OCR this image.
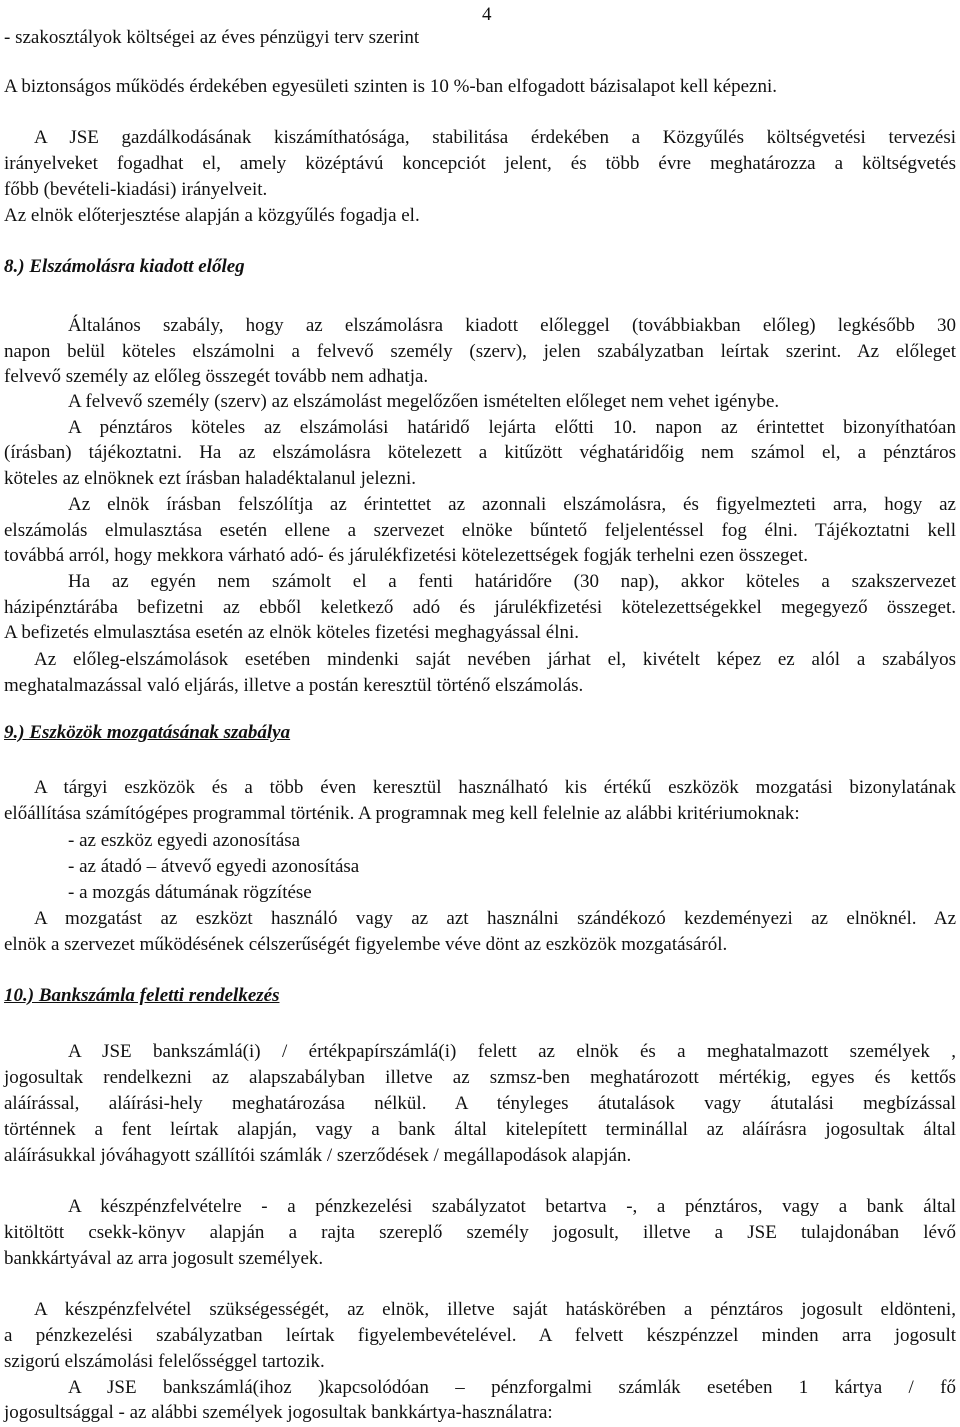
4
- szakosztályok költségei az éves pénzügyi terv szerint
A biztonságos működés érdekében egyesületi szinten is 10 %-ban elfogadott bázisalapot kell képezni.
A JSE gazdálkodásának kiszámíthatósága, stabilitása érdekében a Közgyűlés költségvetési tervezési
irányelveket fogadhat el, amely középtávú koncepciót jelent, és több évre meghatározza a költségvetés
főbb (bevételi-kiadási) irányelveit.
Az elnök előterjesztése alapján a közgyűlés fogadja el.
8.) Elszámolásra kiadott előleg
Általános szabály, hogy az elszámolásra kiadott előleggel (továbbiakban előleg) legkésőbb 30
napon belül köteles elszámolni a felvevő személy (szerv), jelen szabályzatban leírtak szerint. Az előleget
felvevő személy az előleg összegét tovább nem adhatja.
A felvevő személy (szerv) az elszámolást megelőzően ismételten előleget nem vehet igénybe.
A pénztáros köteles az elszámolási határidő lejárta előtti 10. napon az érintettet bizonyíthatóan
(írásban) tájékoztatni. Ha az elszámolásra kötelezett a kitűzött véghatáridőig nem számol el, a pénztáros
köteles az elnöknek ezt írásban haladéktalanul jelezni.
Az elnök írásban felszólítja az érintettet az azonnali elszámolásra, és figyelmezteti arra, hogy az
elszámolás elmulasztása esetén ellene a szervezet elnöke bűntető feljelentéssel fog élni. Tájékoztatni kell
továbbá arról, hogy mekkora várható adó- és járulékfizetési kötelezettségek fogják terhelni ezen összeget.
Ha az egyén nem számolt el a fenti határidőre (30 nap), akkor köteles a szakszervezet
házipénztárába befizetni az ebből keletkező adó és járulékfizetési kötelezettségekkel megegyező összeget.
A befizetés elmulasztása esetén az elnök köteles fizetési meghagyással élni.
Az előleg-elszámolások esetében mindenki saját nevében járhat el, kivételt képez ez alól a szabályos
meghatalmazással való eljárás, illetve a postán keresztül történő elszámolás.
9.) Eszközök mozgatásának szabálya
A tárgyi eszközök és a több éven keresztül használható kis értékű eszközök mozgatási bizonylatának
előállítása számítógépes programmal történik. A programnak meg kell felelnie az alábbi kritériumoknak:
- az eszköz egyedi azonosítása
- az átadó – átvevő egyedi azonosítása
- a mozgás dátumának rögzítése
A mozgatást az eszközt használó vagy az azt használni szándékozó kezdeményezi az elnöknél. Az
elnök a szervezet működésének célszerűségét figyelembe véve dönt az eszközök mozgatásáról.
10.) Bankszámla feletti rendelkezés
A JSE bankszámlá(i) / értékpapírszámlá(i) felett az elnök és a meghatalmazott személyek ,
jogosultak rendelkezni az alapszabályban illetve az szmsz-ben meghatározott mértékig, egyes és kettős
aláírással, aláírási-hely meghatározása nélkül. A tényleges átutalások vagy átutalási megbízással
történnek a fent leírtak alapján, vagy a bank által kitelepített terminállal az aláírásra jogosultak által
aláírásukkal jóváhagyott szállítói számlák / szerződések / megállapodások alapján.
A készpénzfelvételre - a pénzkezelési szabályzatot betartva -, a pénztáros, vagy a bank által
kitöltött csekk-könyv alapján a rajta szereplő személy jogosult, illetve a JSE tulajdonában lévő
bankkártyával az arra jogosult személyek.
A készpénzfelvétel szükségességét, az elnök, illetve saját hatáskörében a pénztáros jogosult eldönteni,
a pénzkezelési szabályzatban leírtak figyelembevételével. A felvett készpénzzel minden arra jogosult
szigorú elszámolási felelősséggel tartozik.
A JSE bankszámlá(ihoz )kapcsolódóan – pénzforgalmi számlák esetében 1 kártya / fő
jogosultsággal - az alábbi személyek jogosultak bankkártya-használatra:
